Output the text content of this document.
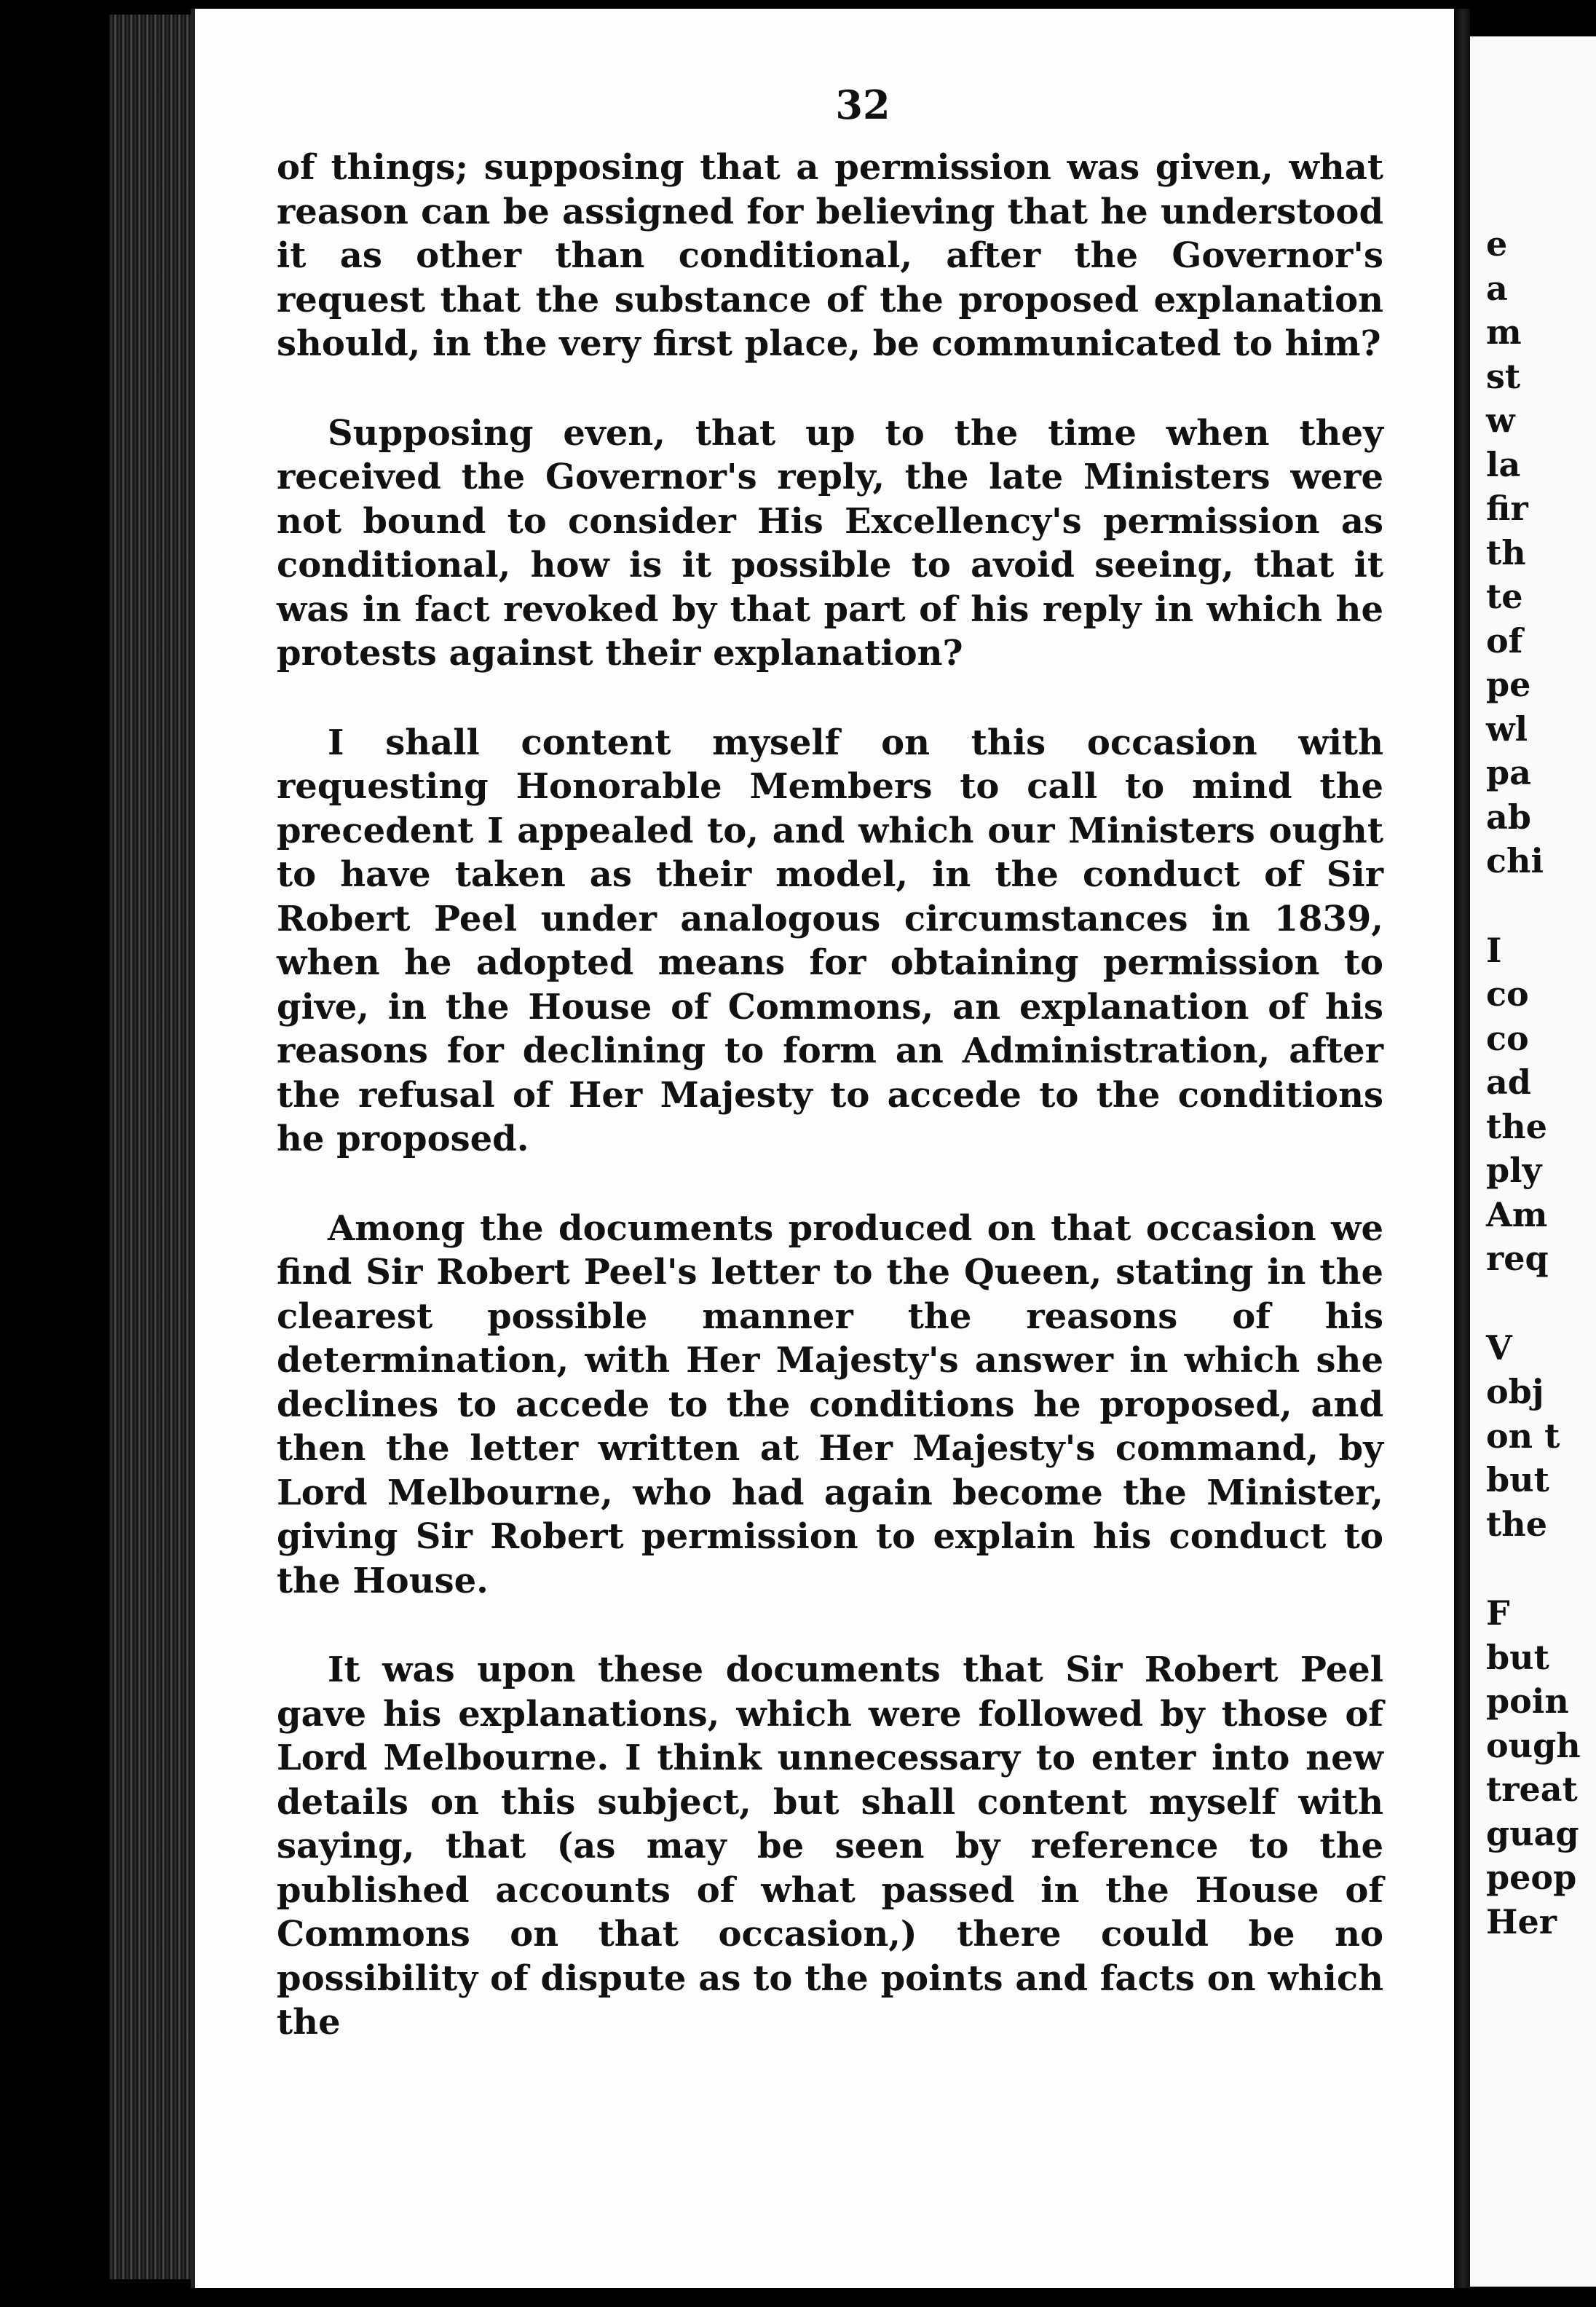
32

of things; supposing that a permission was given, what reason can be assigned for believing that he understood it as other than conditional, after the Governor's request that the substance of the proposed explanation should, in the very first place, be communicated to him?

Supposing even, that up to the time when they received the Governor's reply, the late Ministers were not bound to consider His Excellency's permission as conditional, how is it possible to avoid seeing, that it was in fact revoked by that part of his reply in which he protests against their explanation?

I shall content myself on this occasion with requesting Honorable Members to call to mind the precedent I appealed to, and which our Ministers ought to have taken as their model, in the conduct of Sir Robert Peel under analogous circumstances in 1839, when he adopted means for obtaining permission to give, in the House of Commons, an explanation of his reasons for declining to form an Administration, after the refusal of Her Majesty to accede to the conditions he proposed.

Among the documents produced on that occasion we find Sir Robert Peel's letter to the Queen, stating in the clearest possible manner the reasons of his determination, with Her Majesty's answer in which she declines to accede to the conditions he proposed, and then the letter written at Her Majesty's command, by Lord Melbourne, who had again become the Minister, giving Sir Robert permission to explain his conduct to the House.

It was upon these documents that Sir Robert Peel gave his explanations, which were followed by those of Lord Melbourne. I think unnecessary to enter into new details on this subject, but shall content myself with saying, that (as may be seen by reference to the published accounts of what passed in the House of Commons on that occasion,) there could be no possibility of dispute as to the points and facts on which the

e
a
m
st
w
la
fir
th
te
of
pe
wl
pa
ab
chi
I
co
co
ad
the
ply
Am
req
V
obj
on t
but
the
F
but
poin
ough
treat
guag
peop
Her
